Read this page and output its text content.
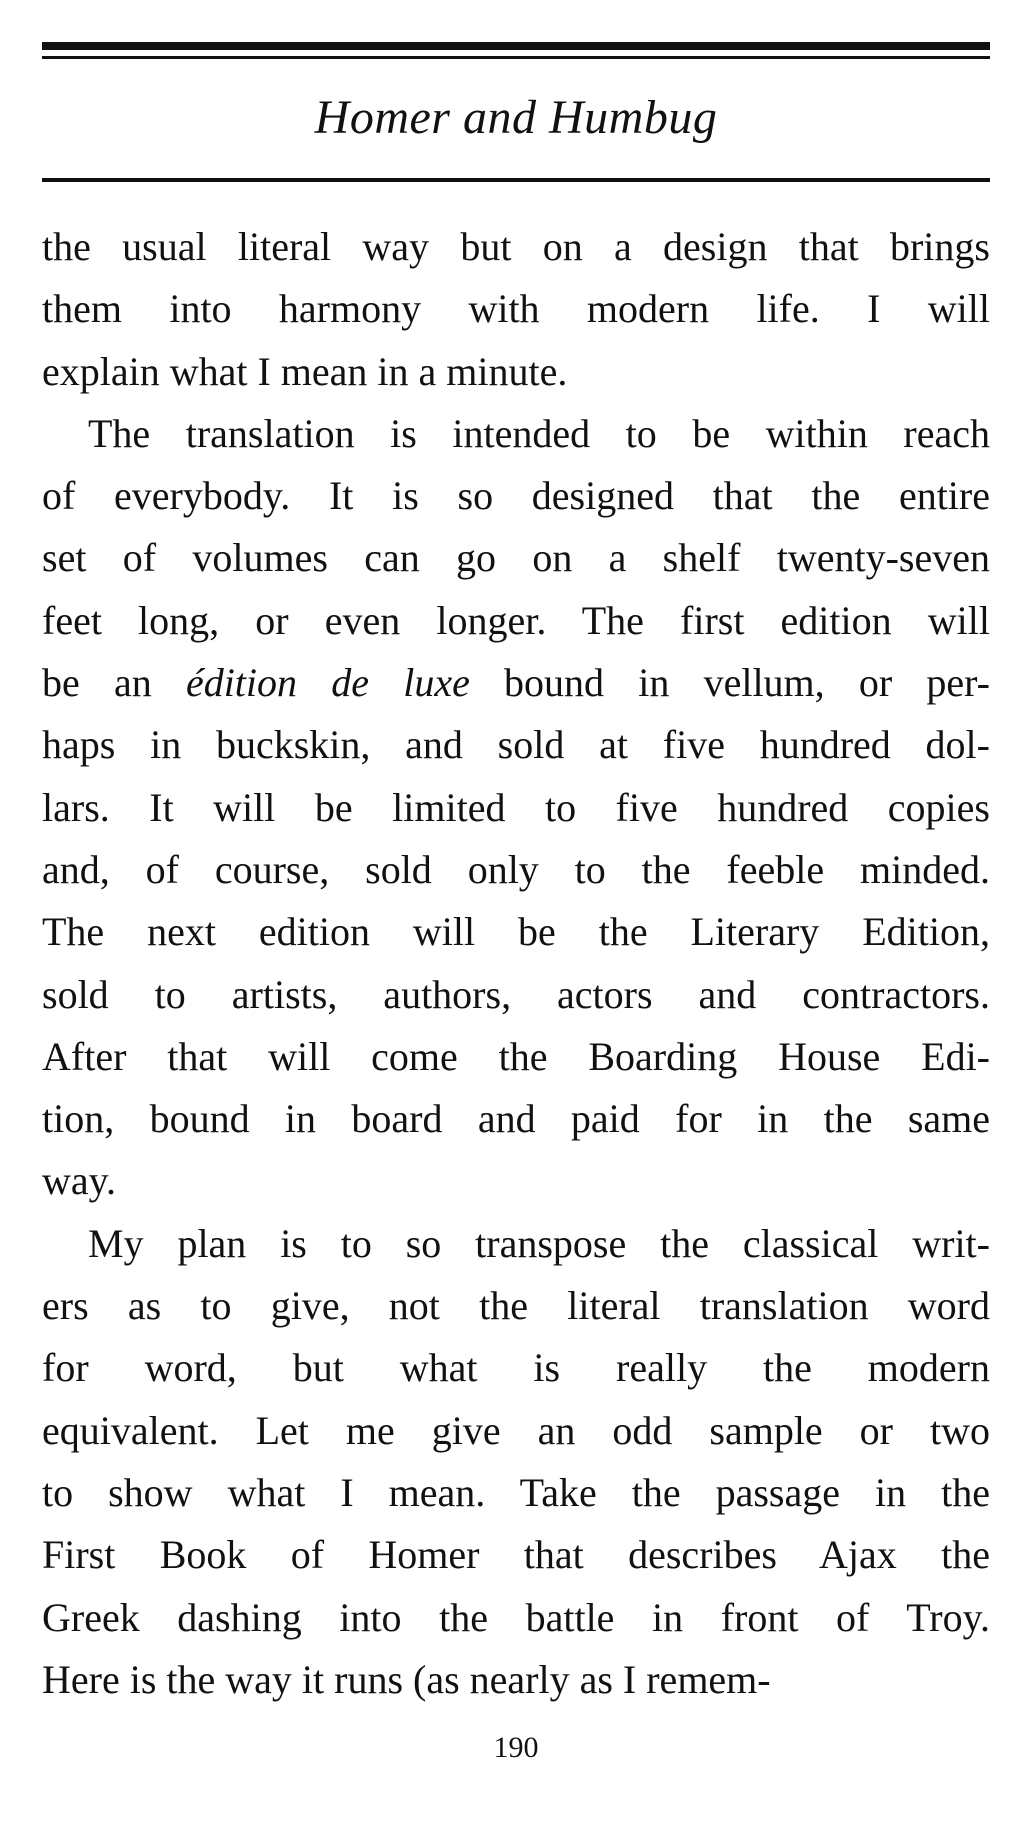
Homer and Humbug
the usual literal way but on a design that brings
them into harmony with modern life. I will
explain what I mean in a minute.
The translation is intended to be within reach
of everybody. It is so designed that the entire
set of volumes can go on a shelf twenty-seven
feet long, or even longer. The first edition will
be an édition de luxe bound in vellum, or per-
haps in buckskin, and sold at five hundred dol-
lars. It will be limited to five hundred copies
and, of course, sold only to the feeble minded.
The next edition will be the Literary Edition,
sold to artists, authors, actors and contractors.
After that will come the Boarding House Edi-
tion, bound in board and paid for in the same
way.
My plan is to so transpose the classical writ-
ers as to give, not the literal translation word
for word, but what is really the modern
equivalent. Let me give an odd sample or two
to show what I mean. Take the passage in the
First Book of Homer that describes Ajax the
Greek dashing into the battle in front of Troy.
Here is the way it runs (as nearly as I remem-
190
